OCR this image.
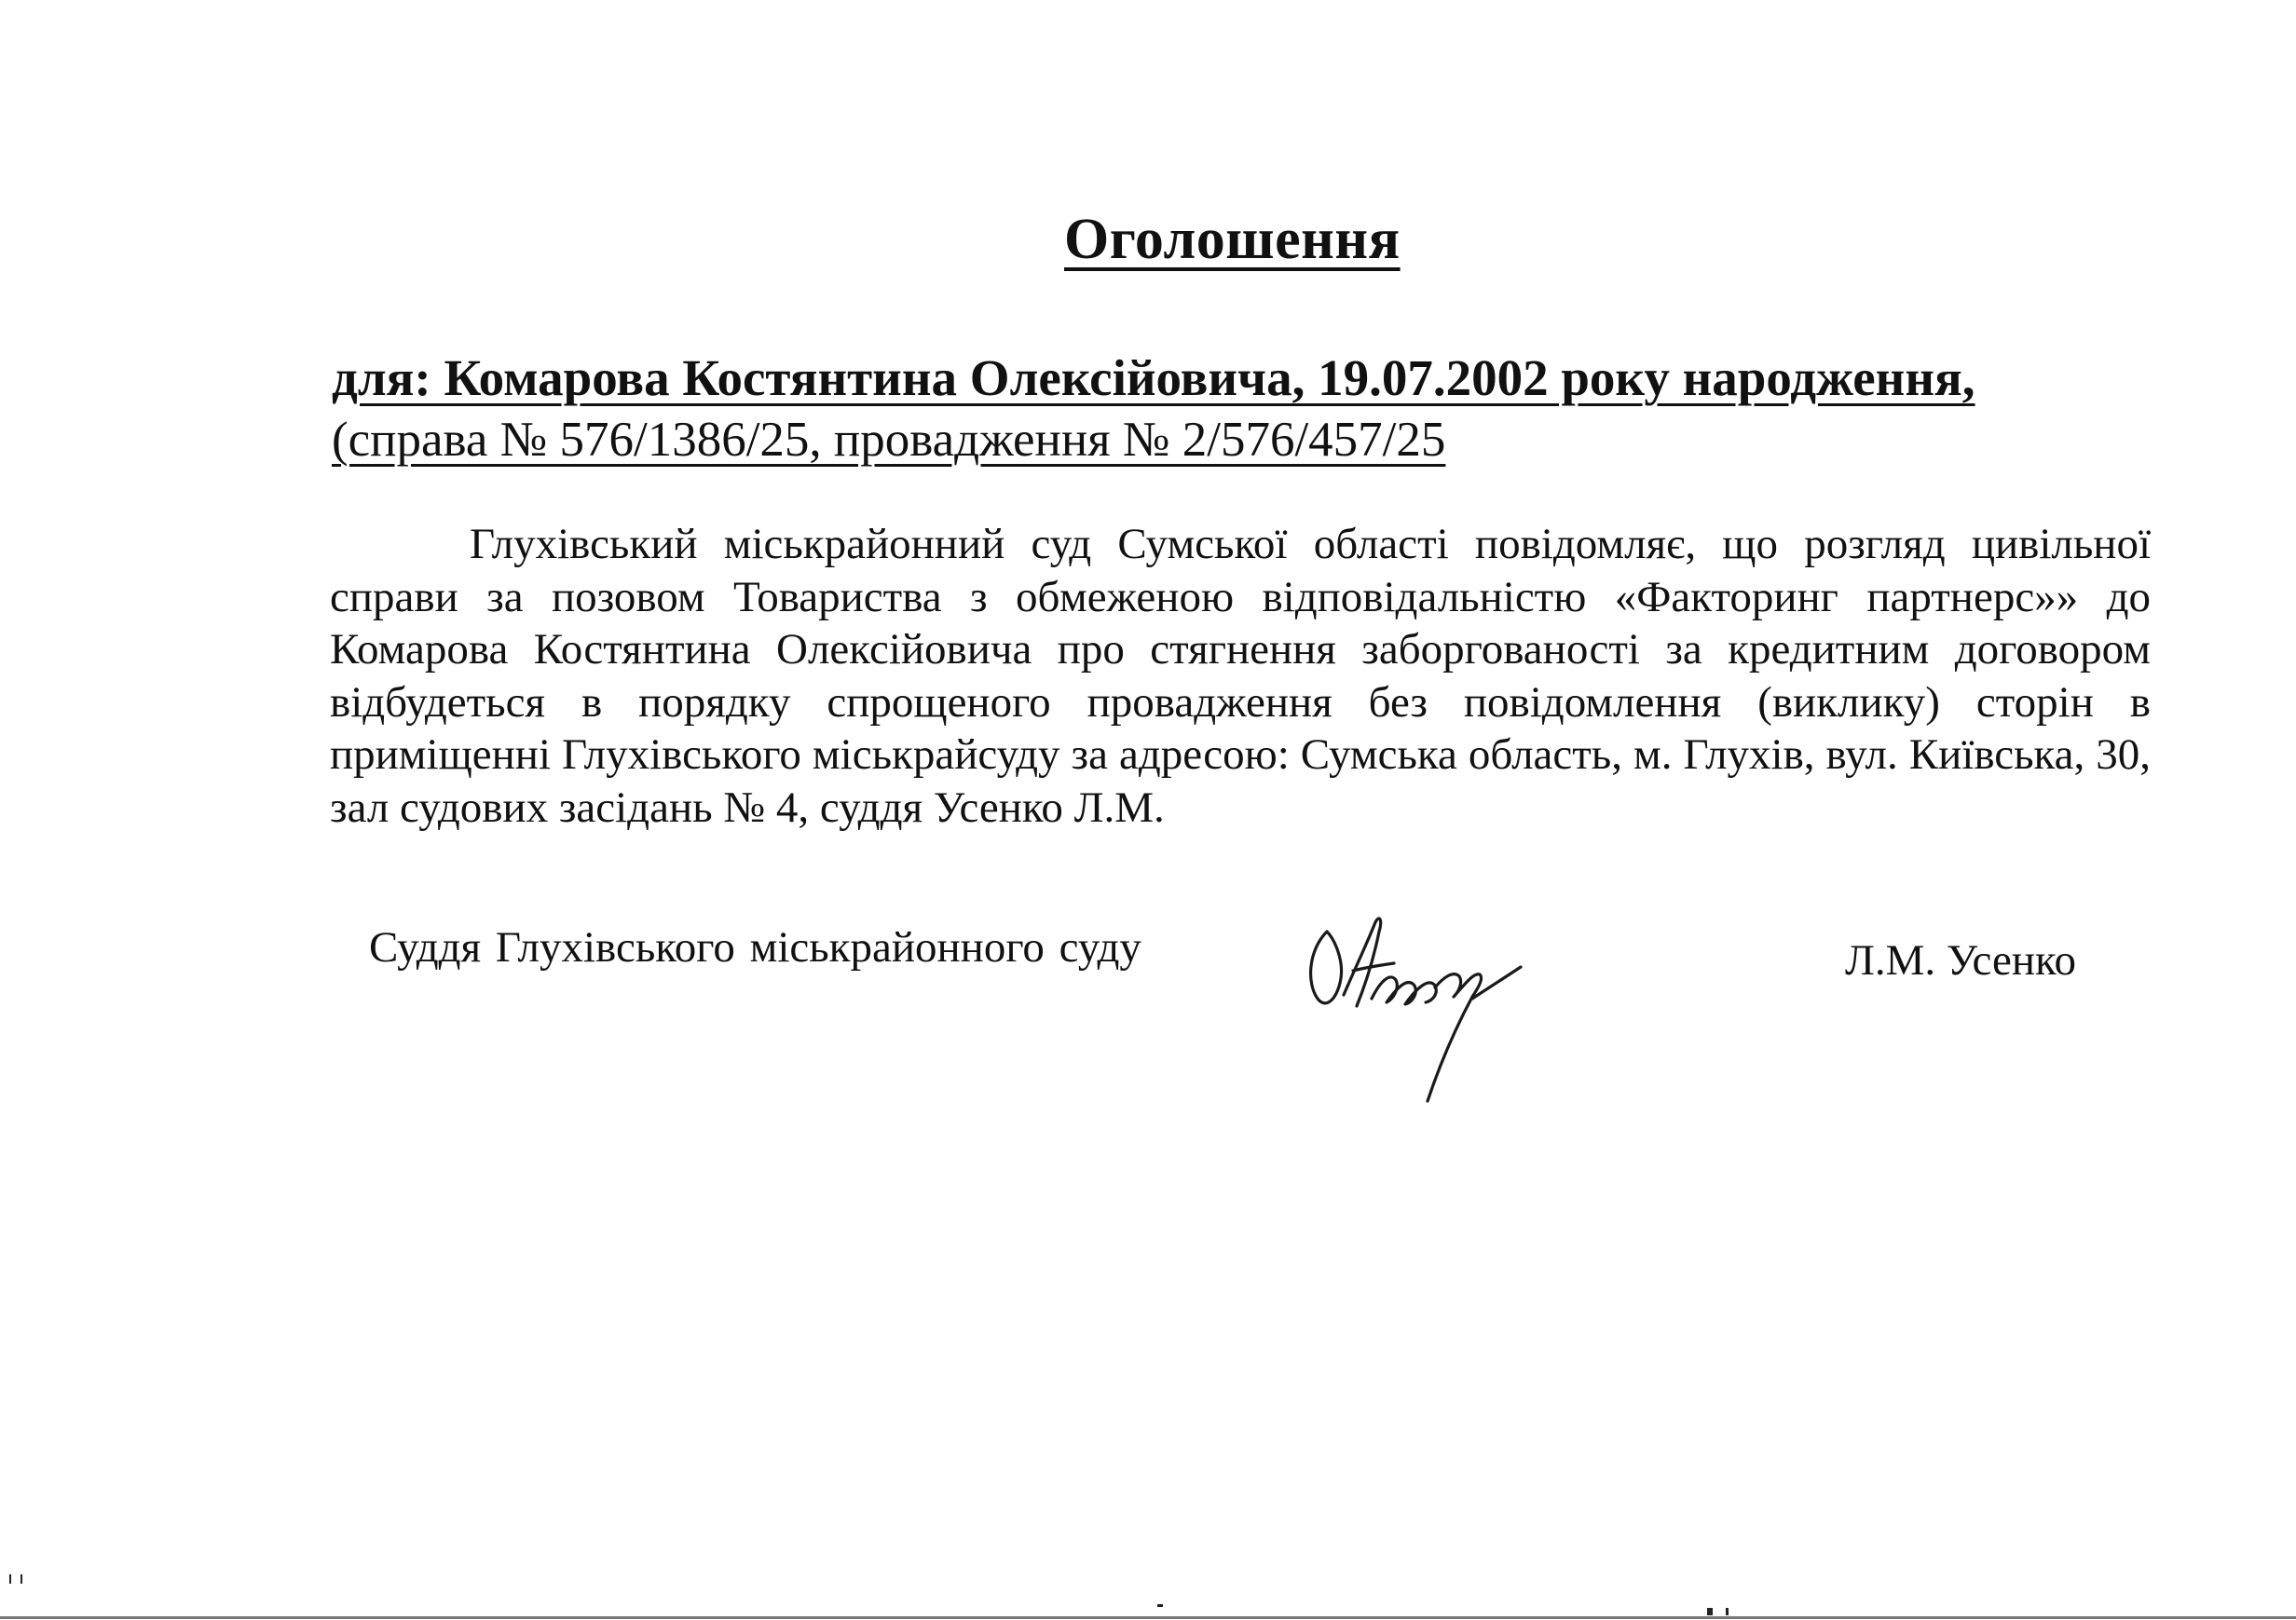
Оголошення
для: Комарова Костянтина Олексійовича, 19.07.2002 року народження,
(справа № 576/1386/25, провадження № 2/576/457/25
Глухівський міськрайонний суд Сумської області повідомляє, що розгляд цивільної справи за позовом Товариства з обмеженою відповідальністю «Факторинг партнерс»» до Комарова Костянтина Олексійовича про стягнення заборгованості за кредитним договором відбудеться в порядку спрощеного провадження без повідомлення (виклику) сторін в приміщенні Глухівського міськрайсуду за адресою: Сумська область, м. Глухів, вул. Київська, 30, зал судових засідань № 4, суддя Усенко Л.М.
Суддя Глухівського міськрайонного суду	Л.М. Усенко
